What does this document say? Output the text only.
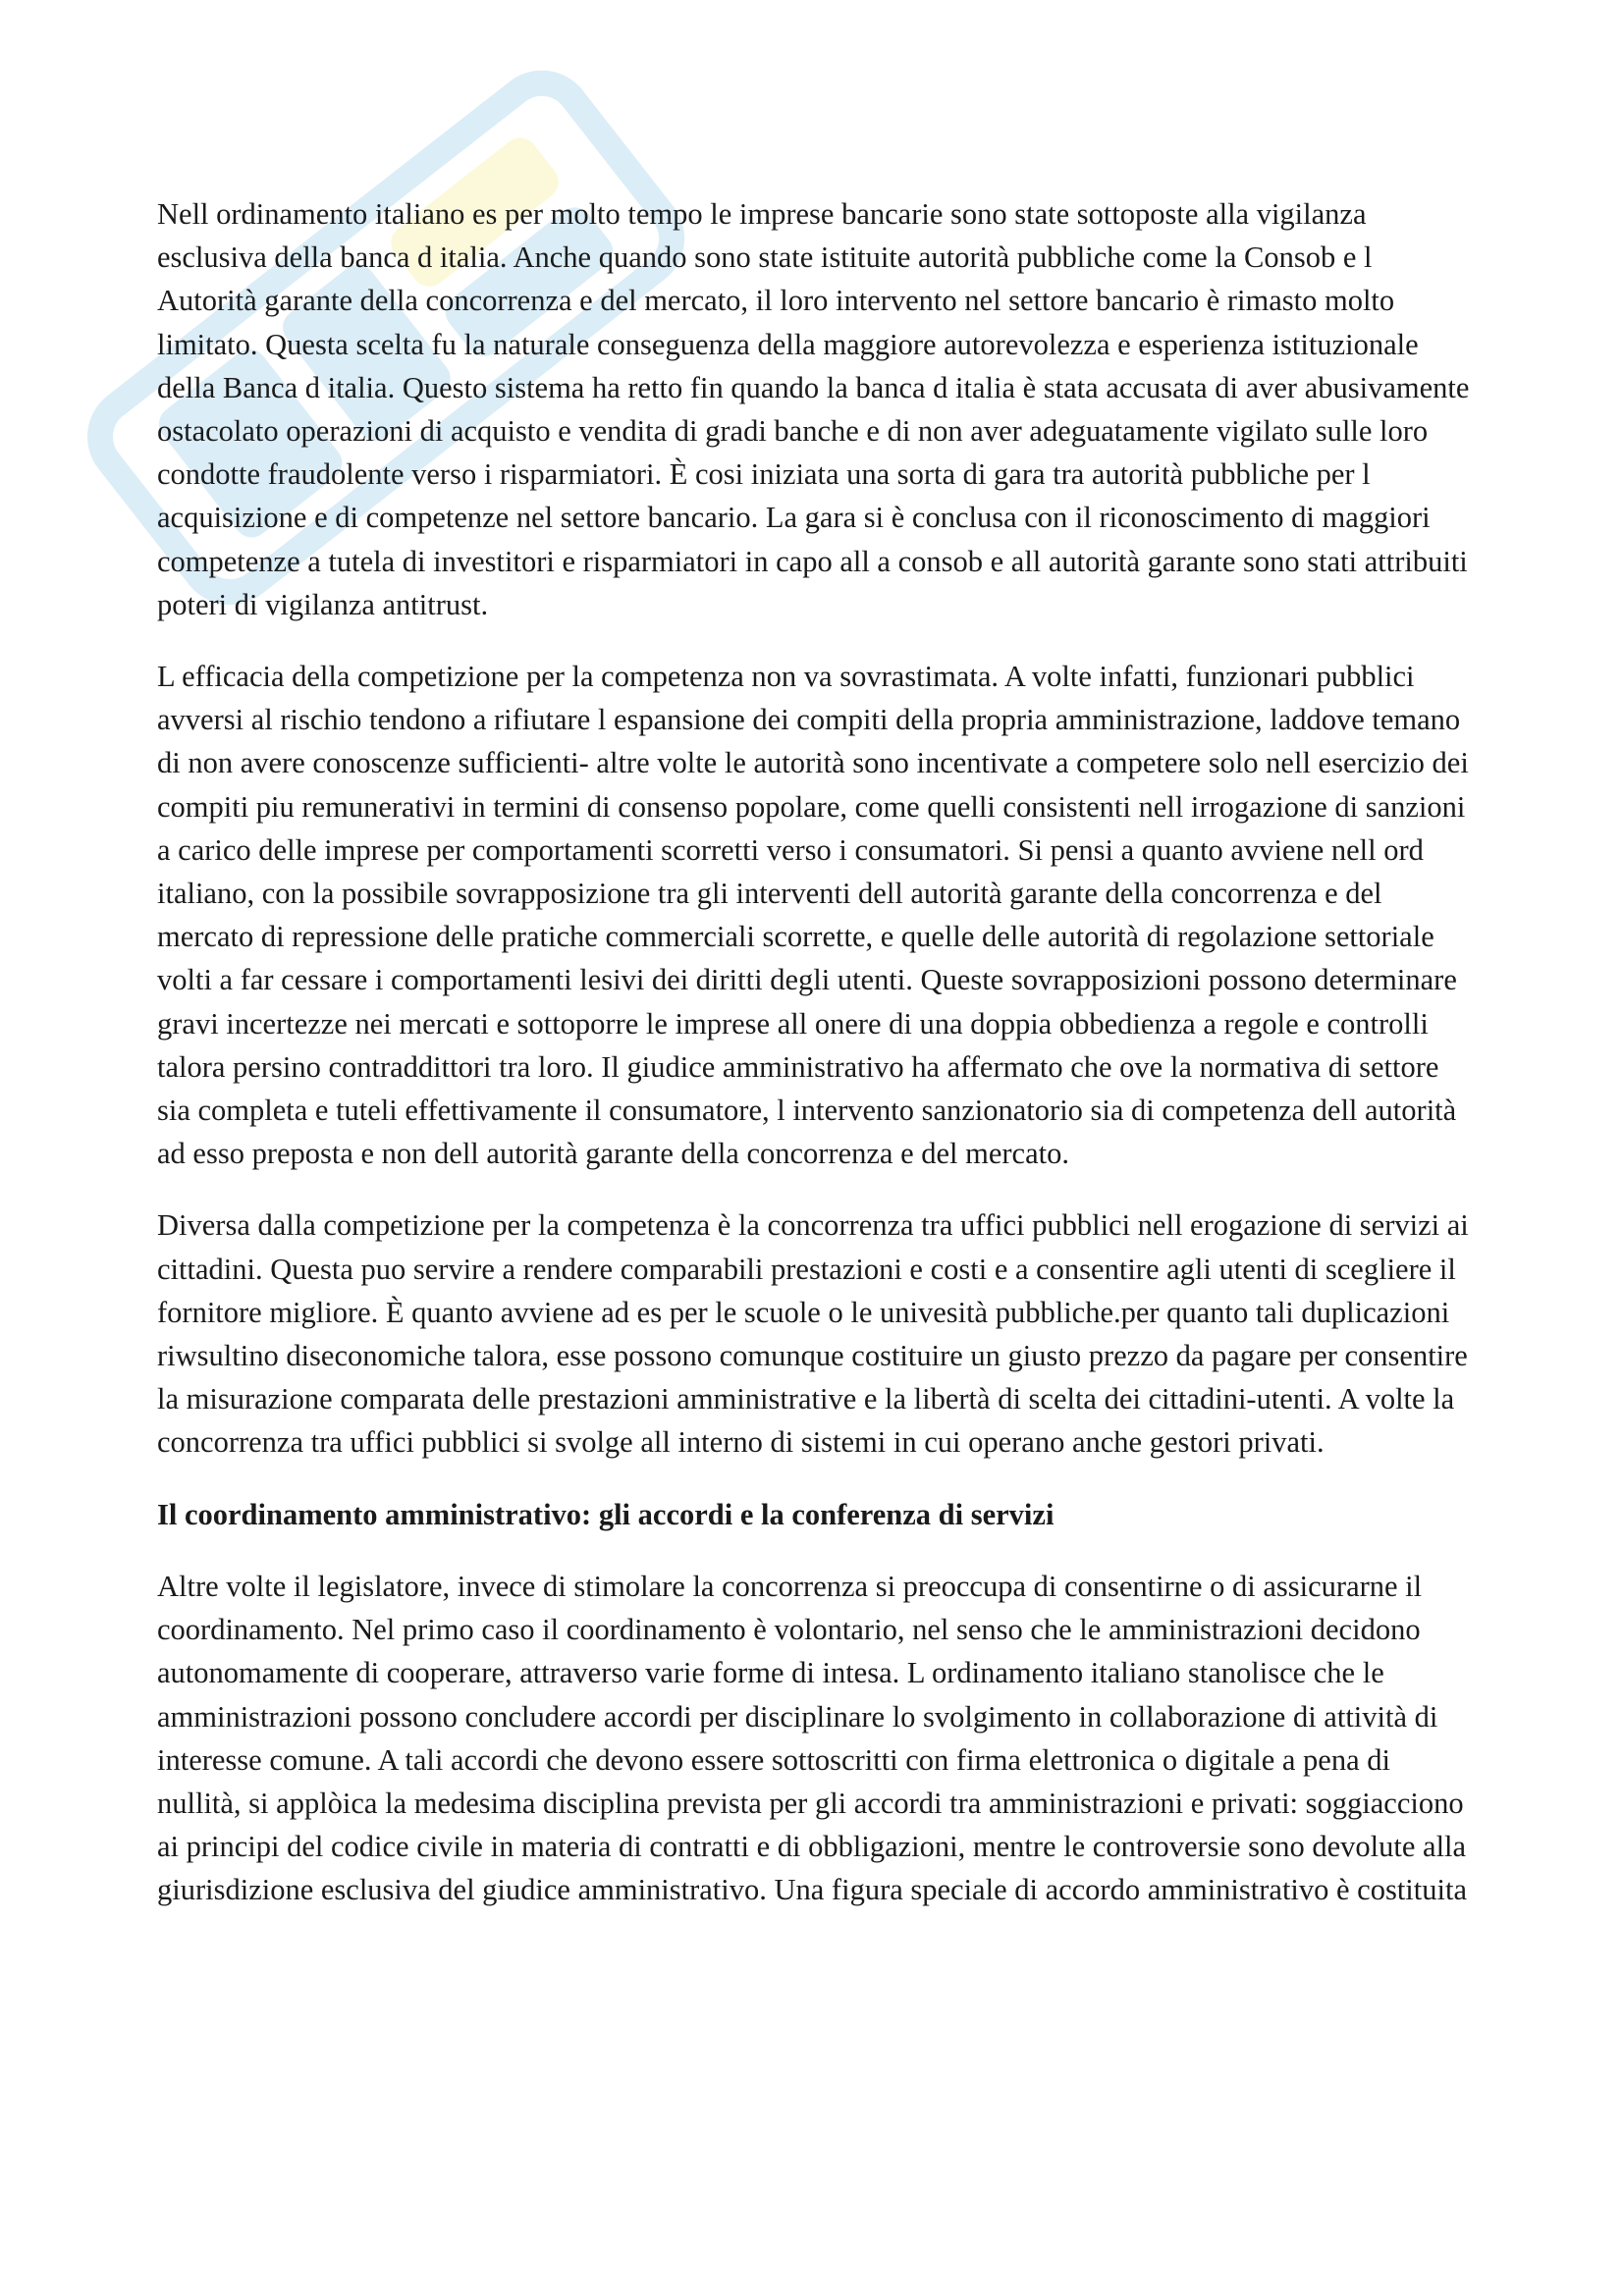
Nell ordinamento italiano es per molto tempo le imprese bancarie sono state sottoposte alla vigilanza esclusiva della banca d italia. Anche quando sono state istituite autorità pubbliche come la Consob e l Autorità garante della concorrenza e del mercato, il loro intervento nel settore bancario è rimasto molto limitato. Questa scelta fu la naturale conseguenza della maggiore autorevolezza e esperienza istituzionale della Banca d italia. Questo sistema ha retto fin quando la banca d italia è stata accusata di aver abusivamente ostacolato operazioni di acquisto e vendita di gradi banche e di non aver adeguatamente vigilato sulle loro condotte fraudolente verso i risparmiatori. È cosi iniziata una sorta di gara tra autorità pubbliche per l acquisizione e di competenze nel settore bancario. La gara si è conclusa con il riconoscimento di maggiori competenze a tutela di investitori e risparmiatori in capo all a consob e all autorità garante sono stati attribuiti poteri di vigilanza antitrust.

L efficacia della competizione per la competenza non va sovrastimata. A volte infatti, funzionari pubblici avversi al rischio tendono a rifiutare l espansione dei compiti della propria amministrazione, laddove temano di non avere conoscenze sufficienti- altre volte le autorità sono incentivate a competere solo nell esercizio dei compiti piu remunerativi in termini di consenso popolare, come quelli consistenti nell irrogazione di sanzioni a carico delle imprese per comportamenti scorretti verso i consumatori. Si pensi a quanto avviene nell ord italiano, con la possibile sovrapposizione tra gli interventi dell autorità garante della concorrenza e del mercato di repressione delle pratiche commerciali scorrette, e quelle delle autorità di regolazione settoriale volti a far cessare i comportamenti lesivi dei diritti degli utenti. Queste sovrapposizioni possono determinare gravi incertezze nei mercati e sottoporre le imprese all onere di una doppia obbedienza a regole e controlli talora persino contraddittori tra loro. Il giudice amministrativo ha affermato che ove la normativa di settore sia completa e tuteli effettivamente il consumatore, l intervento sanzionatorio sia di competenza dell autorità ad esso preposta e non dell autorità garante della concorrenza e del mercato.

Diversa dalla competizione per la competenza è la concorrenza tra uffici pubblici nell erogazione di servizi ai cittadini. Questa puo servire a rendere comparabili prestazioni e costi e a consentire agli utenti di scegliere il fornitore migliore. È quanto avviene ad es per le scuole o le univesità pubbliche.per quanto tali duplicazioni riwsultino diseconomiche talora, esse possono comunque costituire un giusto prezzo da pagare per consentire la misurazione comparata delle prestazioni amministrative e la libertà di scelta dei cittadini-utenti. A volte la concorrenza tra uffici pubblici si svolge all interno di sistemi in cui operano anche gestori privati.

Il coordinamento amministrativo: gli accordi e la conferenza di servizi

Altre volte il legislatore, invece di stimolare la concorrenza si preoccupa di consentirne o di assicurarne il coordinamento. Nel primo caso il coordinamento è volontario, nel senso che le amministrazioni decidono autonomamente di cooperare, attraverso varie forme di intesa. L ordinamento italiano stanolisce che le amministrazioni possono concludere accordi per disciplinare lo svolgimento in collaborazione di attività di interesse comune. A tali accordi che devono essere sottoscritti con firma elettronica o digitale a pena di nullità, si applòica la medesima disciplina prevista per gli accordi tra amministrazioni e privati: soggiacciono ai principi del codice civile in materia di contratti e di obbligazioni, mentre le controversie sono devolute alla giurisdizione esclusiva del giudice amministrativo. Una figura speciale di accordo amministrativo è costituita
